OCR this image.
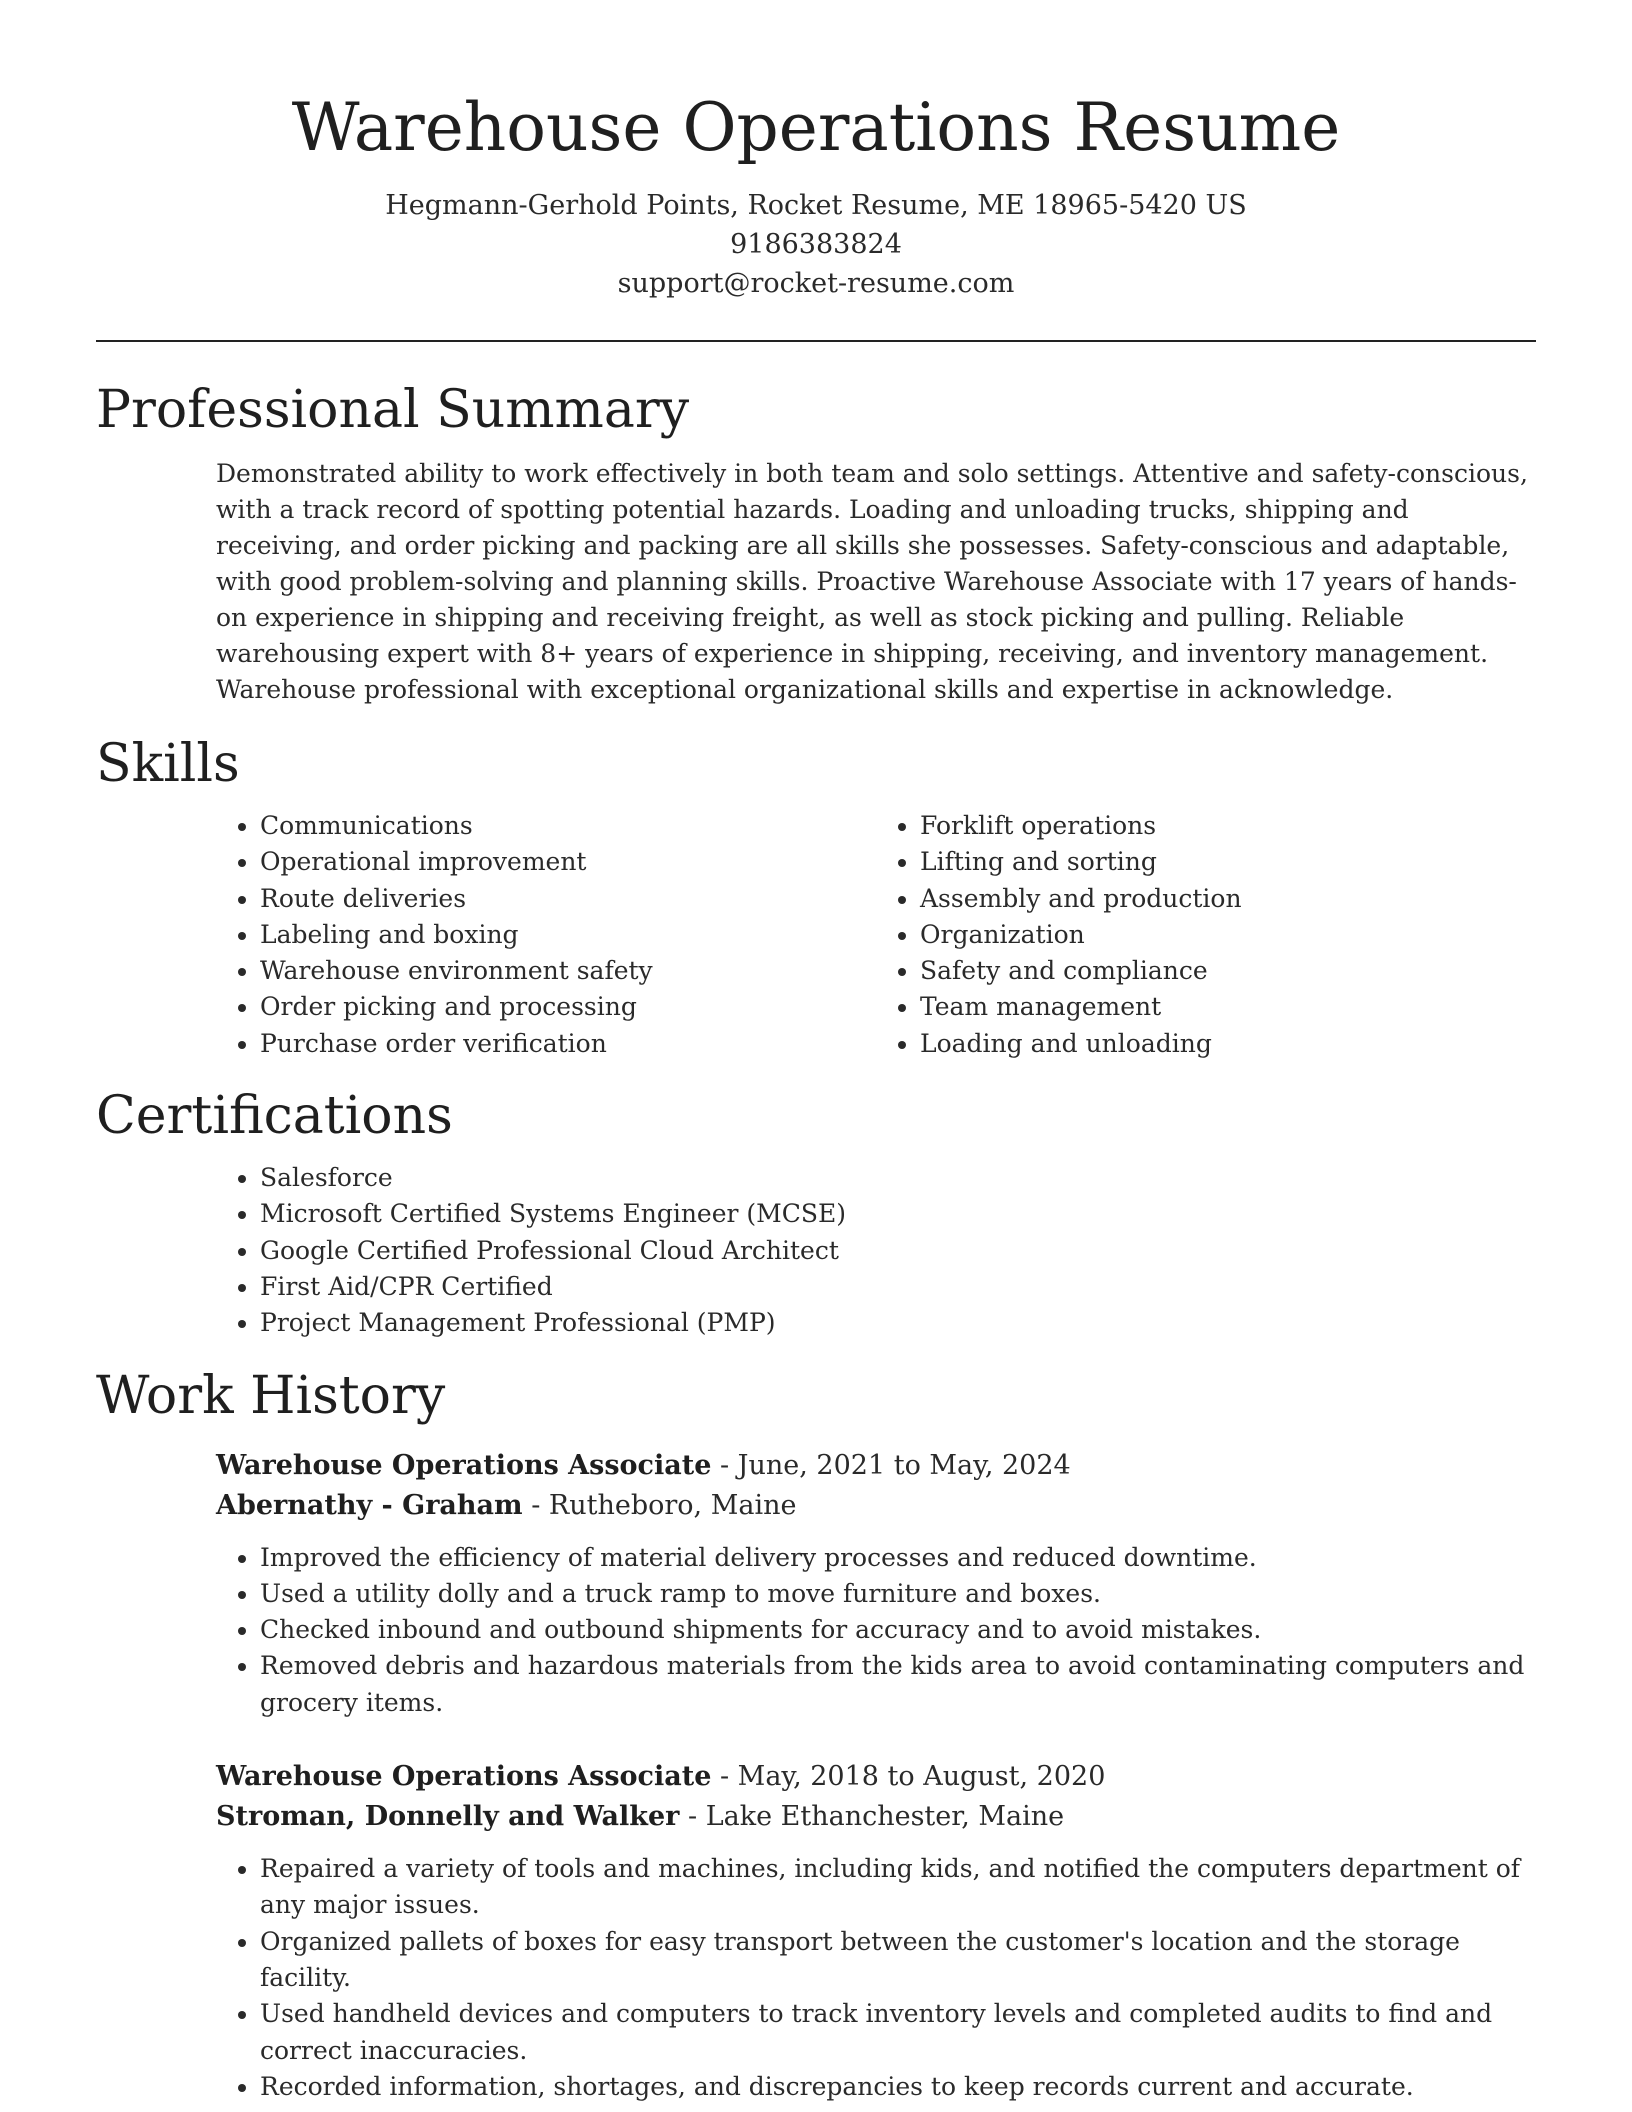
Warehouse Operations Resume
Hegmann-Gerhold Points, Rocket Resume, ME 18965-5420 US
9186383824
support@rocket-resume.com
Professional Summary

Demonstrated ability to work effectively in both team and solo settings. Attentive and safety-conscious, with a track record of spotting potential hazards. Loading and unloading trucks, shipping and receiving, and order picking and packing are all skills she possesses. Safety-conscious and adaptable, with good problem-solving and planning skills. Proactive Warehouse Associate with 17 years of hands-on experience in shipping and receiving freight, as well as stock picking and pulling. Reliable warehousing expert with 8+ years of experience in shipping, receiving, and inventory management. Warehouse professional with exceptional organizational skills and expertise in acknowledge.

Skills
• Communications
• Operational improvement
• Route deliveries
• Labeling and boxing
• Warehouse environment safety
• Order picking and processing
• Purchase order verification
• Forklift operations
• Lifting and sorting
• Assembly and production
• Organization
• Safety and compliance
• Team management
• Loading and unloading
Certifications
• Salesforce
• Microsoft Certified Systems Engineer (MCSE)
• Google Certified Professional Cloud Architect
• First Aid/CPR Certified
• Project Management Professional (PMP)
Work History
Warehouse Operations Associate - June, 2021 to May, 2024
Abernathy - Graham - Rutheboro, Maine
• Improved the efficiency of material delivery processes and reduced downtime.
• Used a utility dolly and a truck ramp to move furniture and boxes.
• Checked inbound and outbound shipments for accuracy and to avoid mistakes.
• Removed debris and hazardous materials from the kids area to avoid contaminating computers and grocery items.
Warehouse Operations Associate - May, 2018 to August, 2020
Stroman, Donnelly and Walker - Lake Ethanchester, Maine
• Repaired a variety of tools and machines, including kids, and notified the computers department of any major issues.
• Organized pallets of boxes for easy transport between the customer's location and the storage facility.
• Used handheld devices and computers to track inventory levels and completed audits to find and correct inaccuracies.
• Recorded information, shortages, and discrepancies to keep records current and accurate.
